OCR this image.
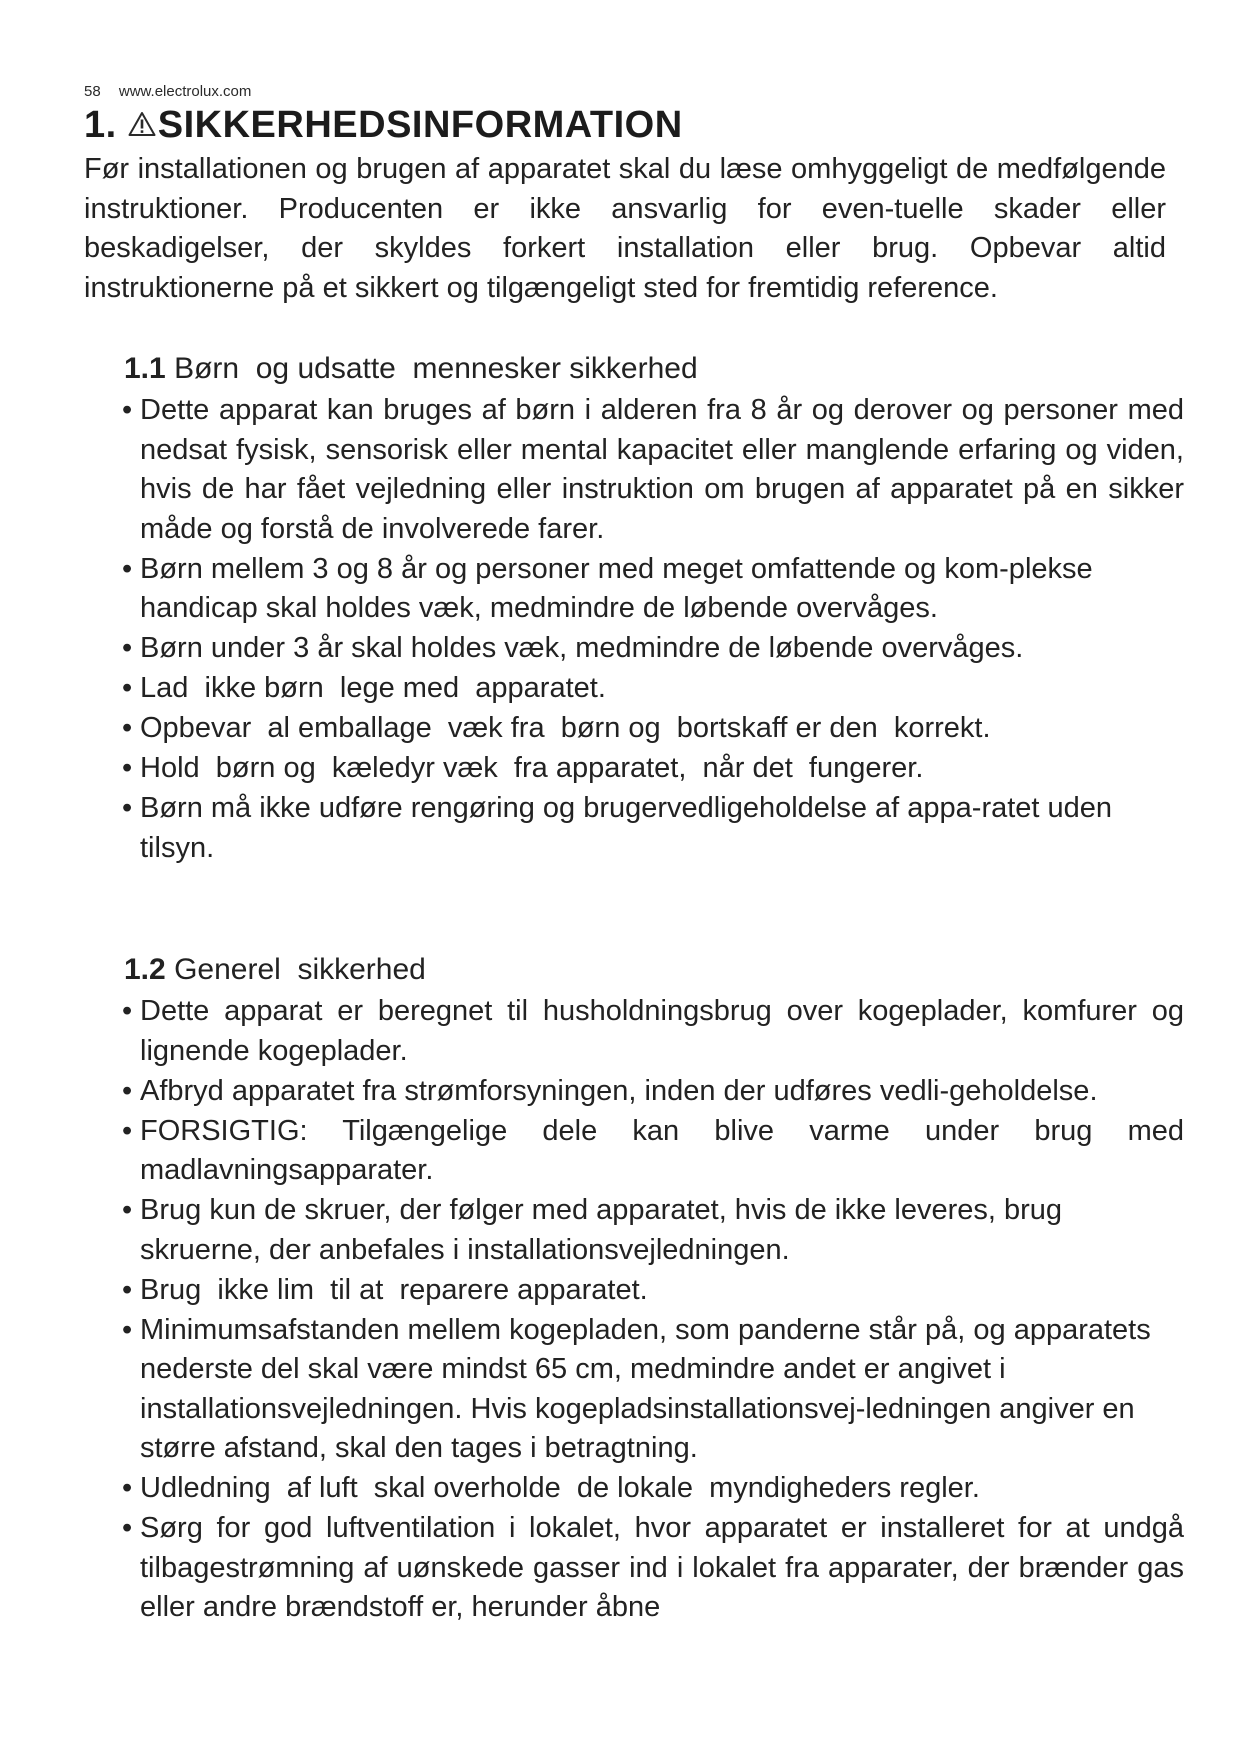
58 www.electrolux.com
1. SIKKERHEDSINFORMATION

Før installationen og brugen af apparatet skal du læse omhyggeligt de medfølgende instruktioner. Producenten er ikke ansvarlig for even-tuelle skader eller beskadigelser, der skyldes forkert installation eller brug. Opbevar altid instruktionerne på et sikkert og tilgængeligt sted for fremtidig reference.

1.1 Børn  og udsatte  mennesker sikkerhed
• Dette apparat kan bruges af børn i alderen fra 8 år og derover og personer med nedsat fysisk, sensorisk eller mental kapacitet eller manglende erfaring og viden, hvis de har fået vejledning eller instruktion om brugen af apparatet på en sikker måde og forstå de involverede farer.
• Børn mellem 3 og 8 år og personer med meget omfattende og kom-plekse handicap skal holdes væk, medmindre de løbende overvåges.
• Børn under 3 år skal holdes væk, medmindre de løbende overvåges.
• Lad  ikke børn  lege med  apparatet.
• Opbevar  al emballage  væk fra  børn og  bortskaff er den  korrekt.
• Hold  børn og  kæledyr væk  fra apparatet,  når det  fungerer.
• Børn må ikke udføre rengøring og brugervedligeholdelse af appa-ratet uden tilsyn.
1.2 Generel  sikkerhed
• Dette apparat er beregnet til husholdningsbrug over kogeplader, komfurer og lignende kogeplader.
• Afbryd apparatet fra strømforsyningen, inden der udføres vedli-geholdelse.
• FORSIGTIG: Tilgængelige dele kan blive varme under brug med madlavningsapparater.
• Brug kun de skruer, der følger med apparatet, hvis de ikke leveres, brug skruerne, der anbefales i installationsvejledningen.
• Brug  ikke lim  til at  reparere apparatet.
• Minimumsafstanden mellem kogepladen, som panderne står på, og apparatets nederste del skal være mindst 65 cm, medmindre andet er angivet i installationsvejledningen. Hvis kogepladsinstallationsvej-ledningen angiver en større afstand, skal den tages i betragtning.
• Udledning  af luft  skal overholde  de lokale  myndigheders regler.
• Sørg for god luftventilation i lokalet, hvor apparatet er installeret for at undgå tilbagestrømning af uønskede gasser ind i lokalet fra apparater, der brænder gas eller andre brændstoff er, herunder åbne
